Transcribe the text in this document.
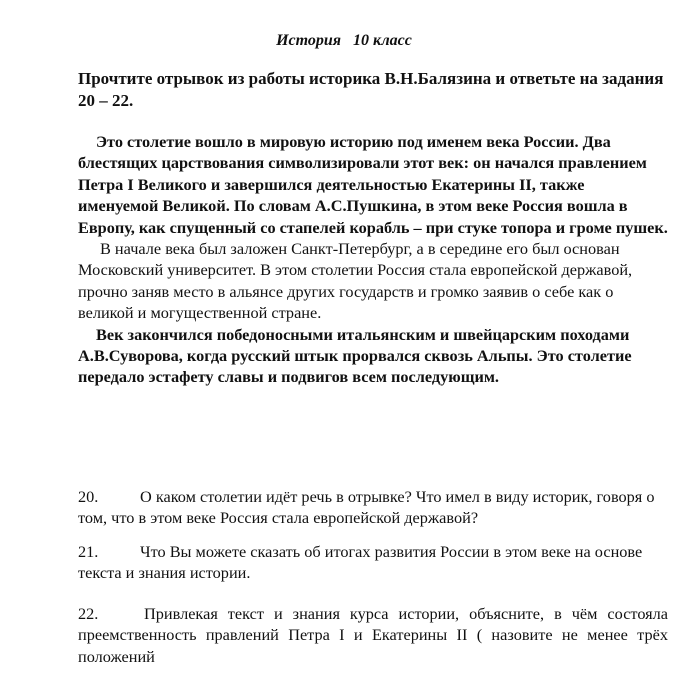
История 10 класс
Прочтите отрывок из работы историка В.Н.Балязина и ответьте на задания 20 – 22.

Это столетие вошло в мировую историю под именем века России. Два блестящих царствования символизировали этот век: он начался правлением Петра I Великого и завершился деятельностью Екатерины II, также именуемой Великой. По словам А.С.Пушкина, в этом веке Россия вошла в Европу, как спущенный со стапелей корабль – при стуке топора и громе пушек.

В начале века был заложен Санкт-Петербург, а в середине его был основан Московский университет. В этом столетии Россия стала европейской державой, прочно заняв место в альянсе других государств и громко заявив о себе как о великой и могущественной стране.

Век закончился победоносными итальянским и швейцарским походами А.В.Суворова, когда русский штык прорвался сквозь Альпы. Это столетие передало эстафету славы и подвигов всем последующим.

20.	О каком столетии идёт речь в отрывке? Что имел в виду историк, говоря о том, что в этом веке Россия стала европейской державой?
21.	Что Вы можете сказать об итогах развития России в этом веке на основе текста и знания истории.
22.	Привлекая текст и знания курса истории, объясните, в чём состояла преемственность правлений Петра I и Екатерины II ( назовите не менее трёх положений
